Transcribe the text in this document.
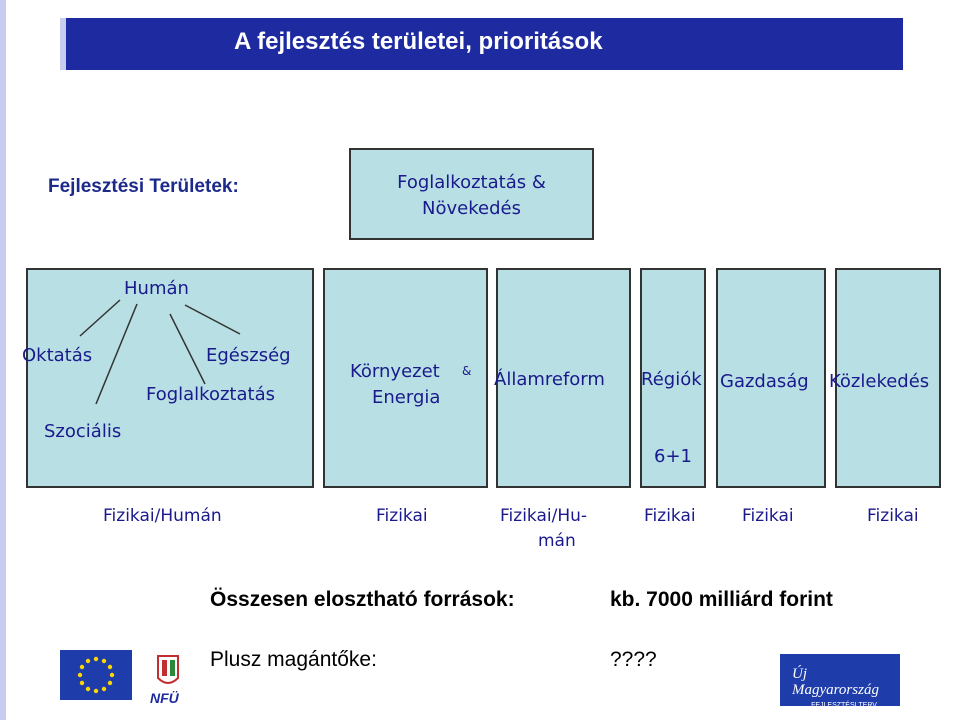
A fejlesztés területei, prioritások
Fejlesztési Területek:	Foglalkoztatás &
Növekedés
Humán
Oktatás	Egészség
Foglalkoztatás
Szociális
Környezet &
Energia
Államreform Régiók
6+1
Gazdaság Közlekedés
Fizikai/Humán	Fizikai	Fizikai/Hu-
mán
Fizikai	Fizikai	Fizikai
Összesen elosztható források:	kb. 7000 milliárd forint
Plusz magántőke:	????
NFÜ
Új Magyarország
FEJLESZTÉSI TERV
